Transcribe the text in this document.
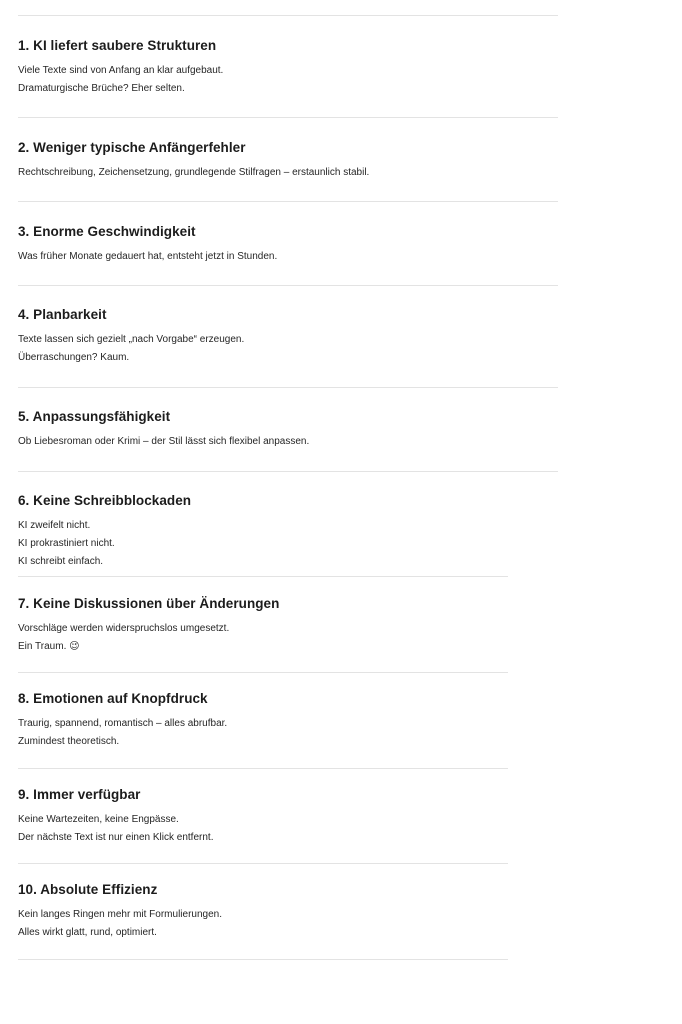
1. KI liefert saubere Strukturen
Viele Texte sind von Anfang an klar aufgebaut.
Dramaturgische Brüche? Eher selten.
2. Weniger typische Anfängerfehler
Rechtschreibung, Zeichensetzung, grundlegende Stilfragen – erstaunlich stabil.
3. Enorme Geschwindigkeit
Was früher Monate gedauert hat, entsteht jetzt in Stunden.
4. Planbarkeit
Texte lassen sich gezielt „nach Vorgabe“ erzeugen.
Überraschungen? Kaum.
5. Anpassungsfähigkeit
Ob Liebesroman oder Krimi – der Stil lässt sich flexibel anpassen.
6. Keine Schreibblockaden
KI zweifelt nicht.
KI prokrastiniert nicht.
KI schreibt einfach.
7. Keine Diskussionen über Änderungen
Vorschläge werden widerspruchslos umgesetzt.
Ein Traum. 😉
8. Emotionen auf Knopfdruck
Traurig, spannend, romantisch – alles abrufbar.
Zumindest theoretisch.
9. Immer verfügbar
Keine Wartezeiten, keine Engpässe.
Der nächste Text ist nur einen Klick entfernt.
10. Absolute Effizienz
Kein langes Ringen mehr mit Formulierungen.
Alles wirkt glatt, rund, optimiert.
